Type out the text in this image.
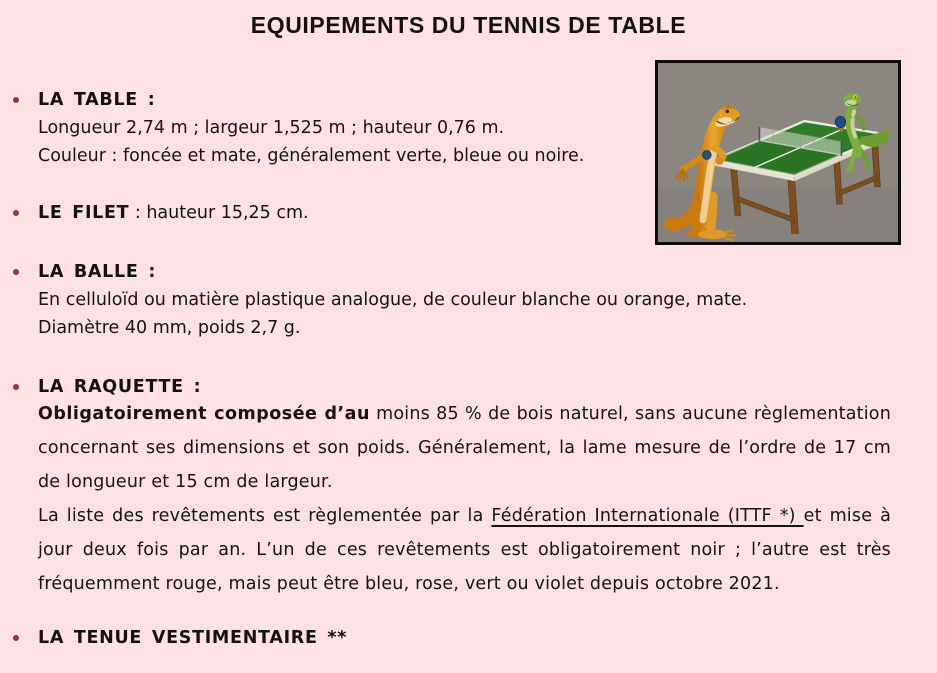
EQUIPEMENTS DU TENNIS DE TABLE
LA TABLE :

Longueur 2,74 m ; largeur 1,525 m ; hauteur 0,76 m.

Couleur : foncée et mate, généralement verte, bleue ou noire.

LE FILET : hauteur 15,25 cm.

LA BALLE :

En celluloïd ou matière plastique analogue, de couleur blanche ou orange, mate.

Diamètre 40 mm, poids 2,7 g.

LA RAQUETTE :

Obligatoirement composée d’au moins 85 % de bois naturel, sans aucune règlementation concernant ses dimensions et son poids. Généralement, la lame mesure de l’ordre de 17 cm de longueur et 15 cm de largeur.

La liste des revêtements est règlementée par la Fédération Internationale (ITTF *) et mise à jour deux fois par an. L’un de ces revêtements est obligatoirement noir ; l’autre est très fréquemment rouge, mais peut être bleu, rose, vert ou violet depuis octobre 2021.

LA TENUE VESTIMENTAIRE **
